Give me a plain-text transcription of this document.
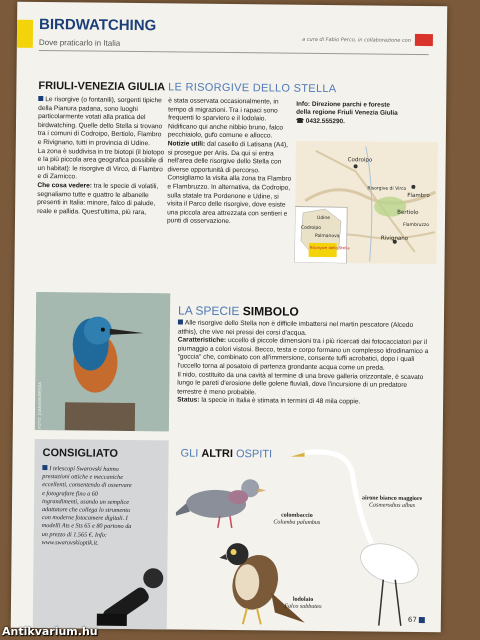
BIRDWATCHING
Dove praticarlo in Italia	a cura di Fabio Perco, in collaborazione con
FRIULI-VENEZIA GIULIA LE RISORGIVE DELLO STELLA
Le risorgive (o fontanili), sorgenti tipiche della Pianura padana, sono luoghi particolarmente votati alla pratica del birdwatching. Quelle dello Stella si trovano tra i comuni di Codroipo, Bertiolo, Flambro e Rivignano, tutti in provincia di Udine.
La zona è suddivisa in tre biotopi (il biotopo e la più piccola area geografica possibile di un habitat): le risorgive di Virco, di Flambro e di Zarnicco.
Che cosa vedere: tra le specie di volatili, segnaliamo tutte e quattro le albanelle presenti in Italia: minore, falco di palude, reale e pallida. Quest'ultima, più rara,
è stata osservata occasionalmente, in tempo di migrazioni. Tra i rapaci sono frequenti lo sparviero e il lodolaio. Nidificano qui anche nibbio bruno, falco pecchiaiolo, gufo comune e allocco.
Notizie utili: dal casello di Latisana (A4), si prosegue per Ariis. Da qui si entra nell'area delle risorgive dello Stella con diverse opportunità di percorso. Consigliamo la visita alla zona tra Flambro e Flambruzzo. In alternativa, da Codroipo, sulla statale tra Pordenone e Udine, si visita il Parco delle risorgive, dove esiste una piccola area attrezzata con sentieri e punti di osservazione.
Info: Direzione parchi e foreste
della regione Friuli Venezia Giulia
☎ 0432.555290.
Codroipo
Flambro
Risorgive di Virco
Bertiolo
Rivignano
Udine
Codroipo
Palmanova
Risorgive dello Stella
Flambruzzo
FOTO: JOAN/WIKIMEDIA
LA SPECIE SIMBOLO
Alle risorgive dello Stella non è difficile imbattersi nel martin pescatore (Alcedo atthis), che vive nei pressi dei corsi d'acqua.
Caratteristiche: uccello di piccole dimensioni tra i più ricercati dai fotocacciatori per il piumaggio a colori vistosi. Becco, testa e corpo formano un complesso idrodinamico a "goccia" che, combinato con all'immersione, consente tuffi acrobatici, dopo i quali l'uccello torna al posatoio di partenza grondante acqua come un preda.
Il nido, costituito da una cavità al termine di una breve galleria orizzontale, è scavato lungo le pareti d'erosione delle golene fluviali, dove l'incursione di un predatore terrestre è meno probabile.
Status: la specie in Italia è stimata in termini di 48 mila coppie.
CONSIGLIATO
I telescopi Swarovski hanno prestazioni ottiche e meccaniche eccellenti, consentendo di osservare e fotografare fino a 60 ingrandimenti, usando un semplice adattatore che collega lo strumento con moderne fotocamere digitali. I modelli Ats e Sts 65 e 80 partono da un prezzo di 1.565 €. Info: www.swarovskioptik.it.
GLI ALTRI OSPITI
colombaccio
Columba palumbus
airone bianco maggiore
Casmerodius albus
lodolaio
Falco subbuteo
67
Antikvarium.hu
